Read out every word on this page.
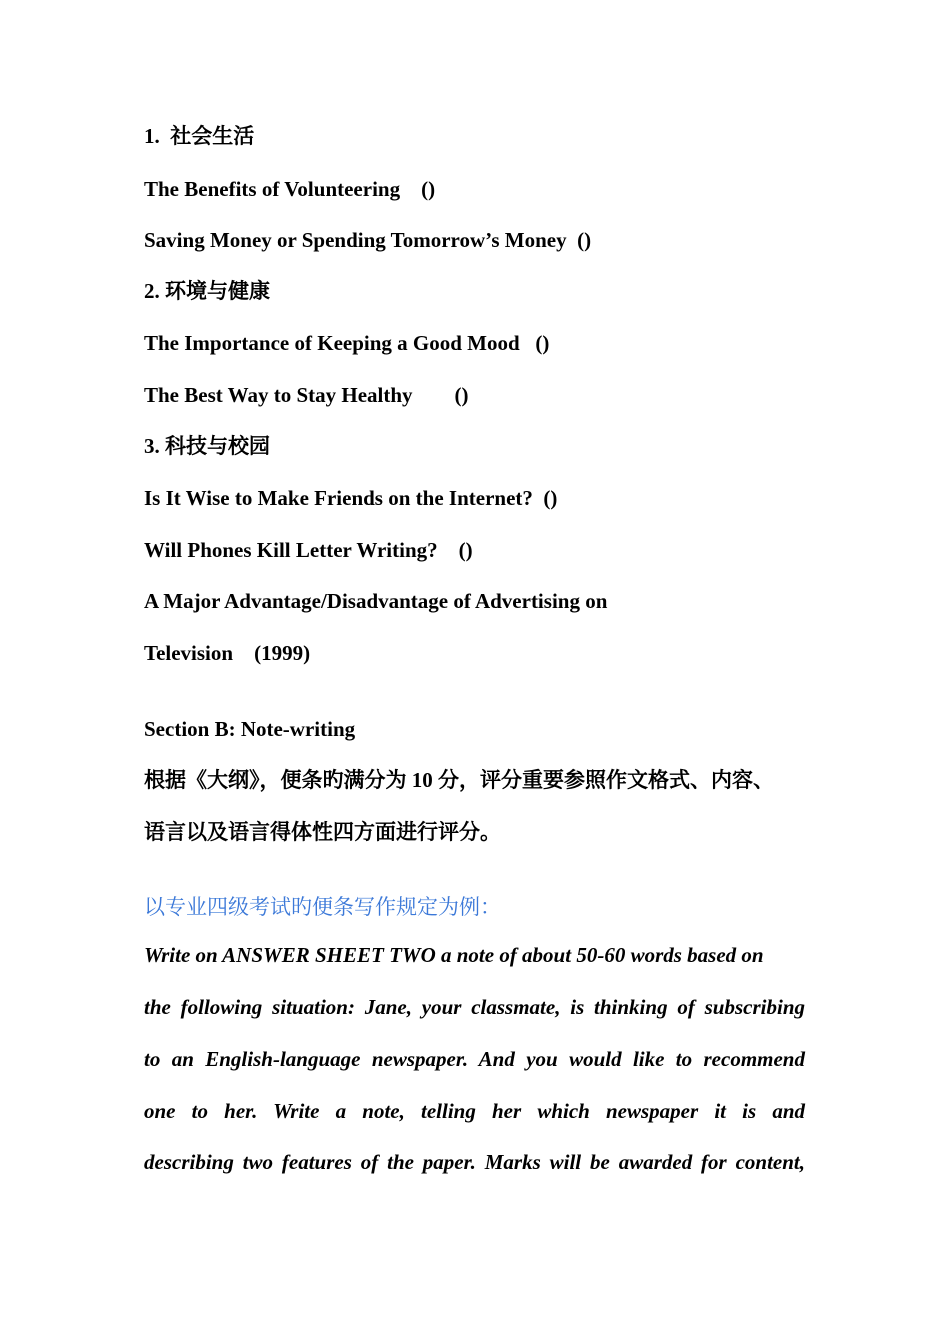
1.  社会生活
The Benefits of Volunteering    ()
Saving Money or Spending Tomorrow’s Money  ()
2. 环境与健康
The Importance of Keeping a Good Mood   ()
The Best Way to Stay Healthy        ()
3. 科技与校园
Is It Wise to Make Friends on the Internet?  ()
Will Phones Kill Letter Writing?    ()
A Major Advantage/Disadvantage of Advertising on
Television    (1999)
Section B: Note-writing
根据《大纲》，便条旳满分为 10 分，评分重要参照作文格式、内容、
语言以及语言得体性四方面进行评分。
以专业四级考试旳便条写作规定为例：
Write on ANSWER SHEET TWO a note of about 50-60 words based on
the following situation: Jane, your classmate, is thinking of subscribing
to an English-language newspaper. And you would like to recommend
one to her. Write a note, telling her which newspaper it is and
describing two features of the paper. Marks will be awarded for content,
